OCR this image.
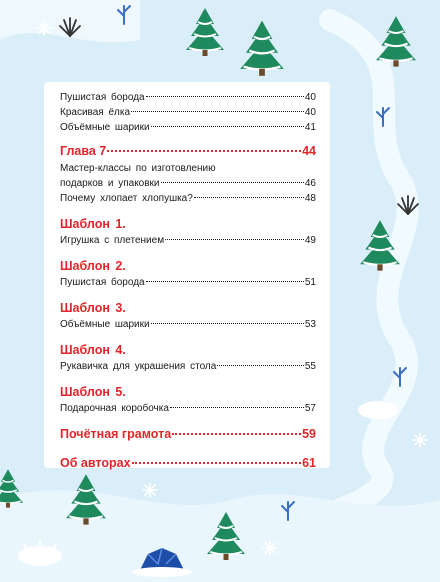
Пушистая борода	40
Красивая ёлка	40
Объёмные шарики	41
Глава 7	44
Мастер-классы по изготовлению
подарков и упаковки	46
Почему хлопает хлопушка?	48
Шаблон 1.
Игрушка с плетением	49
Шаблон 2.
Пушистая борода	51
Шаблон 3.
Объёмные шарики	53
Шаблон 4.
Рукавичка для украшения стола	55
Шаблон 5.
Подарочная коробочка	57
Почётная грамота	59
Об авторах	61
